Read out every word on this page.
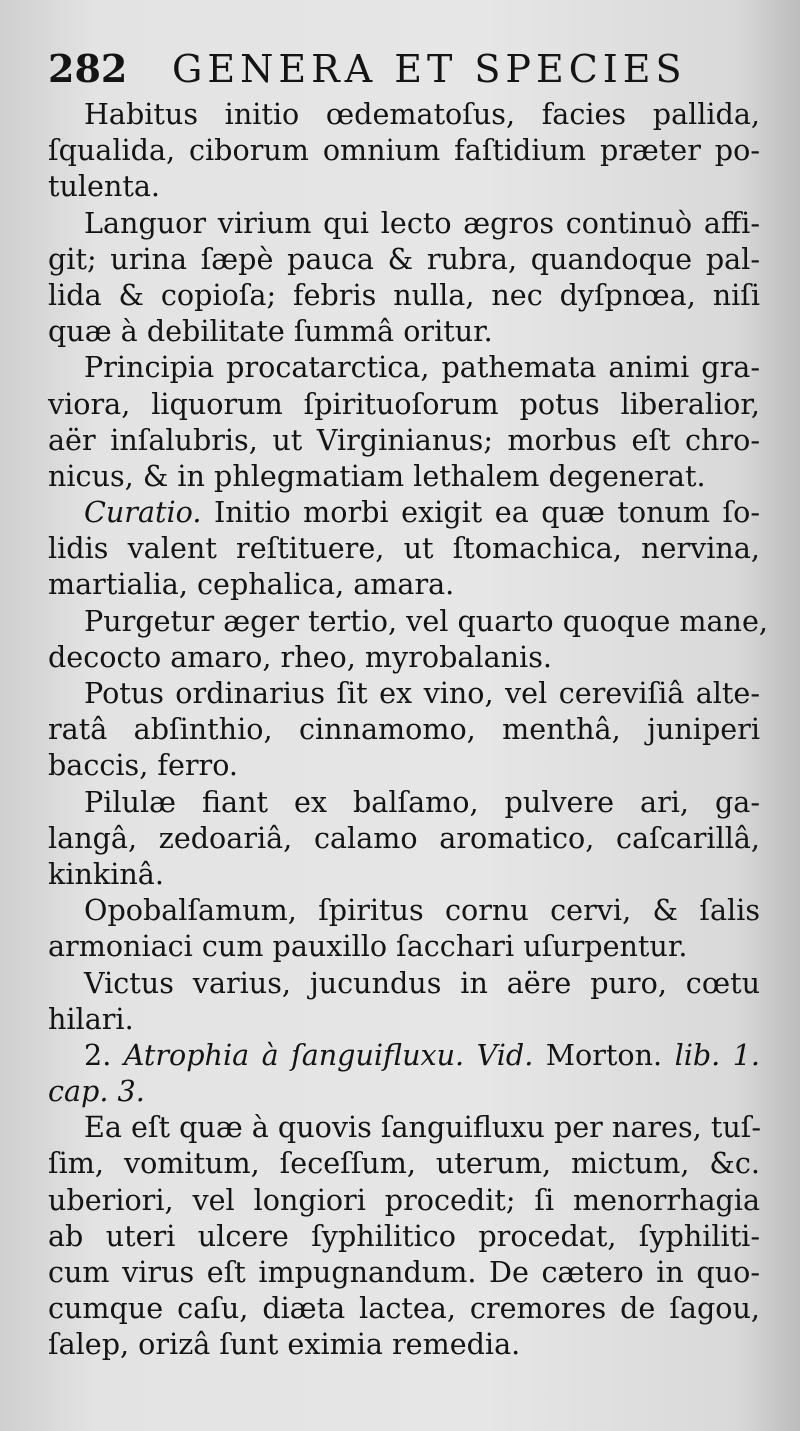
282 GENERA ET SPECIES
Habitus initio œdematoſus, facies pallida,
ſqualida, ciborum omnium faſtidium præter po-
tulenta.
Languor virium qui lecto ægros continuò affi-
git; urina ſæpè pauca & rubra, quandoque pal-
lida & copioſa; febris nulla, nec dyſpnœa, niſi
quæ à debilitate ſummâ oritur.
Principia procatarctica, pathemata animi gra-
viora, liquorum ſpirituoſorum potus liberalior,
aër inſalubris, ut Virginianus; morbus eſt chro-
nicus, & in phlegmatiam lethalem degenerat.
Curatio. Initio morbi exigit ea quæ tonum ſo-
lidis valent reſtituere, ut ſtomachica, nervina,
martialia, cephalica, amara.
Purgetur æger tertio, vel quarto quoque mane,
decocto amaro, rheo, myrobalanis.
Potus ordinarius ſit ex vino, vel cereviſiâ alte-
ratâ abſinthio, cinnamomo, menthâ, juniperi
baccis, ferro.
Pilulæ fiant ex balſamo, pulvere ari, ga-
langâ, zedoariâ, calamo aromatico, caſcarillâ,
kinkinâ.
Opobalſamum, ſpiritus cornu cervi, & ſalis
armoniaci cum pauxillo ſacchari uſurpentur.
Victus varius, jucundus in aëre puro, cœtu
hilari.
2. Atrophia à ſanguifluxu. Vid. Morton. lib. 1.
cap. 3.
Ea eſt quæ à quovis ſanguifluxu per nares, tuſ-
ſim, vomitum, ſeceſſum, uterum, mictum, &c.
uberiori, vel longiori procedit; ſi menorrhagia
ab uteri ulcere ſyphilitico procedat, ſyphiliti-
cum virus eſt impugnandum. De cætero in quo-
cumque caſu, diæta lactea, cremores de ſagou,
ſalep, orizâ ſunt eximia remedia.
